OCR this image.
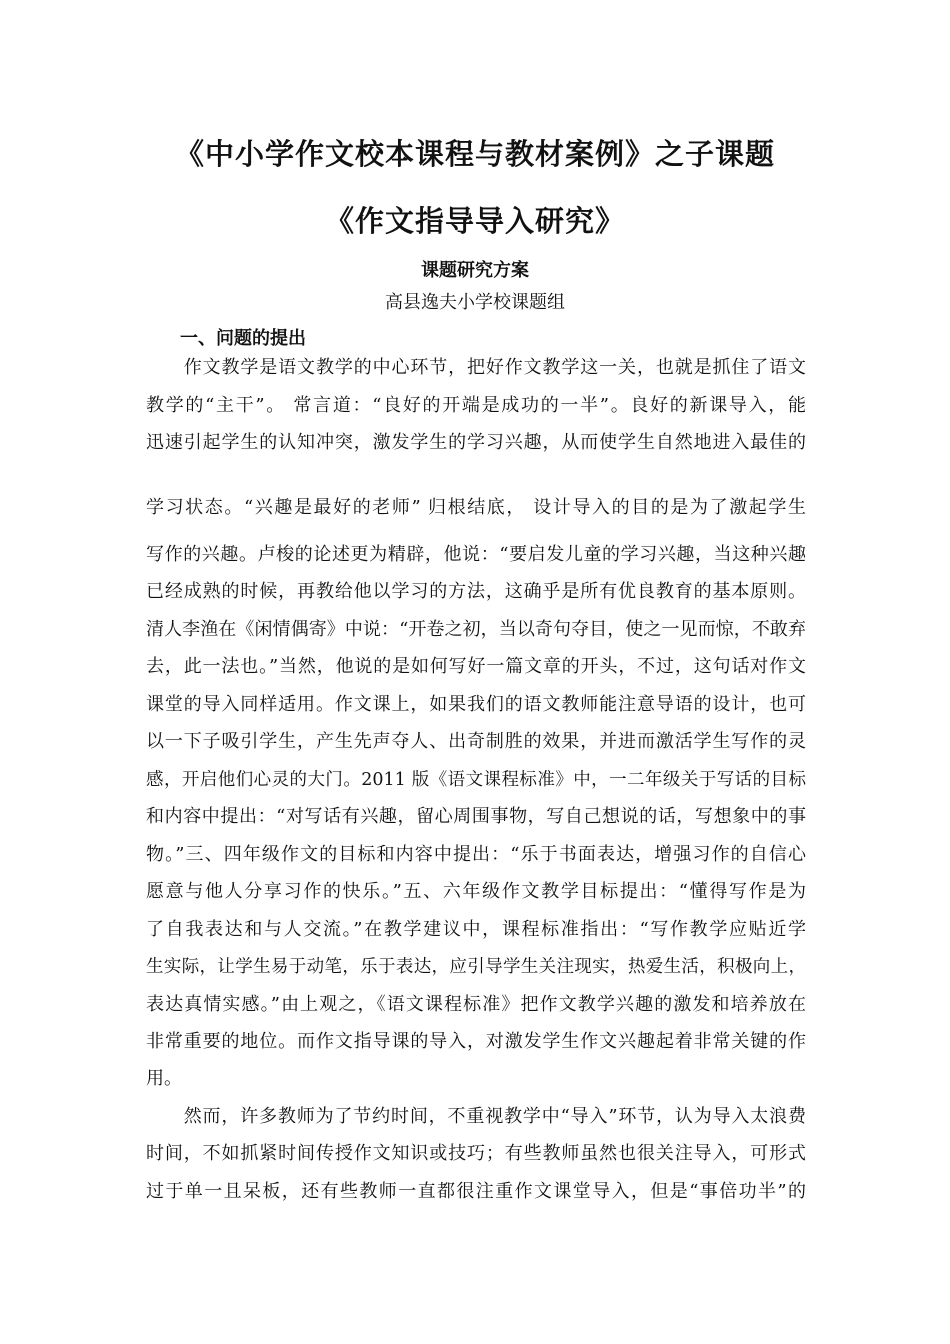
《中小学作文校本课程与教材案例》之子课题
《作文指导导入研究》
课题研究方案
高县逸夫小学校课题组
一、问题的提出
　　作文教学是语文教学的中心环节，把好作文教学这一关，也就是抓住了语文
教学的“主干”。 常言道：“良好的开端是成功的一半”。良好的新课导入，能
迅速引起学生的认知冲突，激发学生的学习兴趣，从而使学生自然地进入最佳的
学习状态。“兴趣是最好的老师” 归根结底， 设计导入的目的是为了激起学生
写作的兴趣。卢梭的论述更为精辟，他说：“要启发儿童的学习兴趣，当这种兴趣
已经成熟的时候，再教给他以学习的方法，这确乎是所有优良教育的基本原则。
清人李渔在《闲情偶寄》中说：“开卷之初，当以奇句夺目，使之一见而惊，不敢弃
去，此一法也。”当然，他说的是如何写好一篇文章的开头，不过，这句话对作文
课堂的导入同样适用。作文课上，如果我们的语文教师能注意导语的设计，也可
以一下子吸引学生，产生先声夺人、出奇制胜的效果，并进而激活学生写作的灵
感，开启他们心灵的大门。2011 版《语文课程标准》中，一二年级关于写话的目标
和内容中提出：“对写话有兴趣，留心周围事物，写自己想说的话，写想象中的事
物。”三、四年级作文的目标和内容中提出：“乐于书面表达，增强习作的自信心
愿意与他人分享习作的快乐。”五、六年级作文教学目标提出：“懂得写作是为
了自我表达和与人交流。”在教学建议中，课程标准指出：“写作教学应贴近学
生实际，让学生易于动笔，乐于表达，应引导学生关注现实，热爱生活，积极向上，
表达真情实感。”由上观之，《语文课程标准》把作文教学兴趣的激发和培养放在
非常重要的地位。而作文指导课的导入，对激发学生作文兴趣起着非常关键的作
用。
　　然而，许多教师为了节约时间，不重视教学中“导入”环节，认为导入太浪费
时间，不如抓紧时间传授作文知识或技巧；有些教师虽然也很关注导入，可形式
过于单一且呆板，还有些教师一直都很注重作文课堂导入，但是“事倍功半”的
